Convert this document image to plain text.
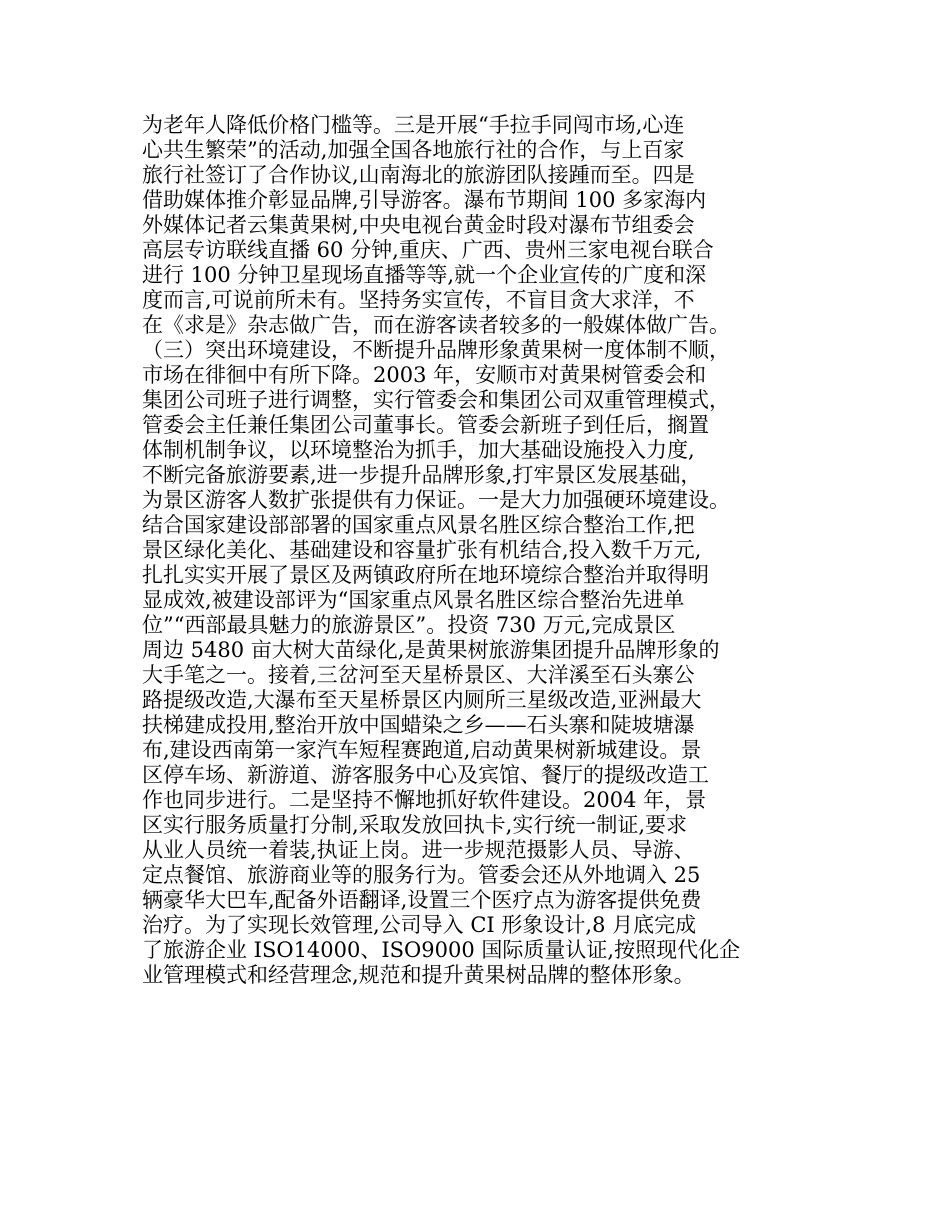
为老年人降低价格门槛等。三是开展“手拉手同闯市场,心连
心共生繁荣”的活动,加强全国各地旅行社的合作，与上百家
旅行社签订了合作协议,山南海北的旅游团队接踵而至。四是
借助媒体推介彰显品牌,引导游客。瀑布节期间 100 多家海内
外媒体记者云集黄果树,中央电视台黄金时段对瀑布节组委会
高层专访联线直播 60 分钟,重庆、广西、贵州三家电视台联合
进行 100 分钟卫星现场直播等等,就一个企业宣传的广度和深
度而言,可说前所未有。坚持务实宣传，不盲目贪大求洋，不
在《求是》杂志做广告，而在游客读者较多的一般媒体做广告。
（三）突出环境建设，不断提升品牌形象黄果树一度体制不顺，
市场在徘徊中有所下降。2003 年，安顺市对黄果树管委会和
集团公司班子进行调整，实行管委会和集团公司双重管理模式，
管委会主任兼任集团公司董事长。管委会新班子到任后，搁置
体制机制争议，以环境整治为抓手，加大基础设施投入力度,
不断完备旅游要素,进一步提升品牌形象,打牢景区发展基础，
为景区游客人数扩张提供有力保证。一是大力加强硬环境建设。
结合国家建设部部署的国家重点风景名胜区综合整治工作,把
景区绿化美化、基础建设和容量扩张有机结合,投入数千万元,
扎扎实实开展了景区及两镇政府所在地环境综合整治并取得明
显成效,被建设部评为“国家重点风景名胜区综合整治先进单
位”“西部最具魅力的旅游景区”。投资 730 万元,完成景区
周边 5480 亩大树大苗绿化,是黄果树旅游集团提升品牌形象的
大手笔之一。接着,三岔河至天星桥景区、大洋溪至石头寨公
路提级改造,大瀑布至天星桥景区内厕所三星级改造,亚洲最大
扶梯建成投用,整治开放中国蜡染之乡——石头寨和陡坡塘瀑
布,建设西南第一家汽车短程赛跑道,启动黄果树新城建设。景
区停车场、新游道、游客服务中心及宾馆、餐厅的提级改造工
作也同步进行。二是坚持不懈地抓好软件建设。2004 年，景
区实行服务质量打分制,采取发放回执卡,实行统一制证,要求
从业人员统一着装,执证上岗。进一步规范摄影人员、导游、
定点餐馆、旅游商业等的服务行为。管委会还从外地调入 25
辆豪华大巴车,配备外语翻译,设置三个医疗点为游客提供免费
治疗。为了实现长效管理,公司导入 CI 形象设计,8 月底完成
了旅游企业 ISO14000、ISO9000 国际质量认证,按照现代化企
业管理模式和经营理念,规范和提升黄果树品牌的整体形象。
